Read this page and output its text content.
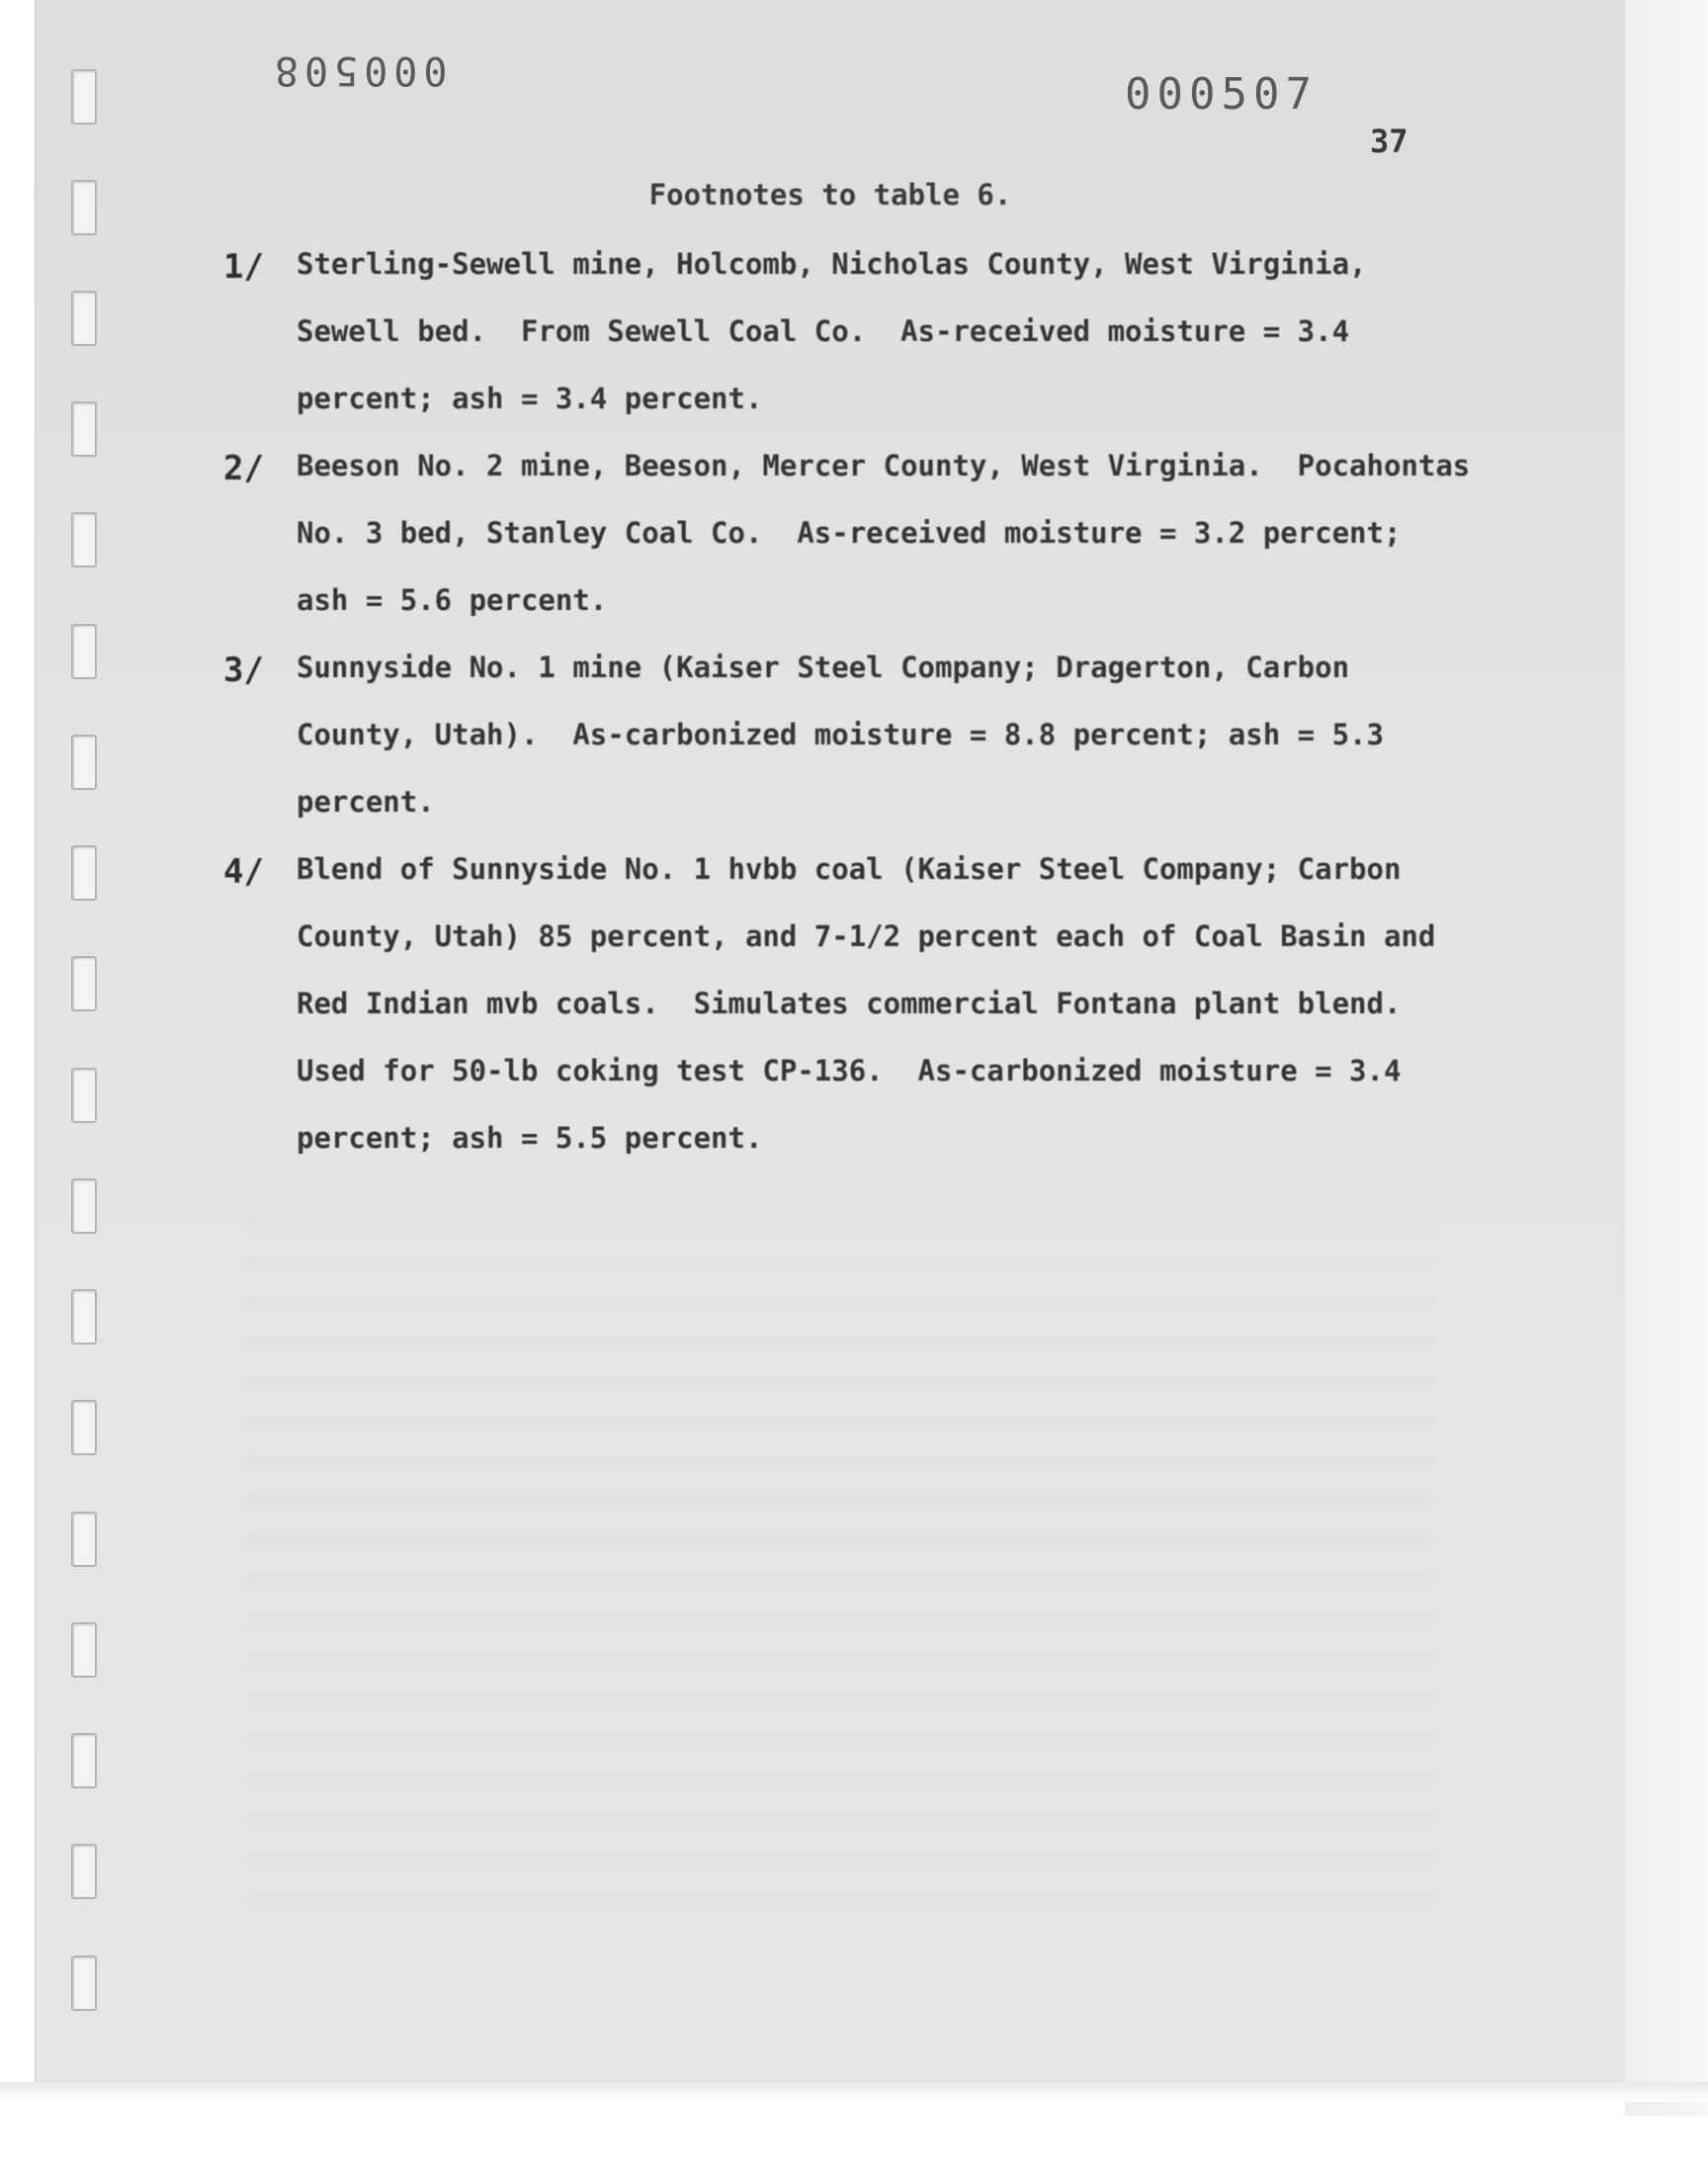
000508	000507
37
Footnotes to table 6.
1/ Sterling-Sewell mine, Holcomb, Nicholas County, West Virginia,
Sewell bed.  From Sewell Coal Co.  As-received moisture = 3.4
percent; ash = 3.4 percent.
2/ Beeson No. 2 mine, Beeson, Mercer County, West Virginia.  Pocahontas
No. 3 bed, Stanley Coal Co.  As-received moisture = 3.2 percent;
ash = 5.6 percent.
3/ Sunnyside No. 1 mine (Kaiser Steel Company; Dragerton, Carbon
County, Utah).  As-carbonized moisture = 8.8 percent; ash = 5.3
percent.
4/ Blend of Sunnyside No. 1 hvbb coal (Kaiser Steel Company; Carbon
County, Utah) 85 percent, and 7-1/2 percent each of Coal Basin and
Red Indian mvb coals.  Simulates commercial Fontana plant blend.
Used for 50-lb coking test CP-136.  As-carbonized moisture = 3.4
percent; ash = 5.5 percent.
